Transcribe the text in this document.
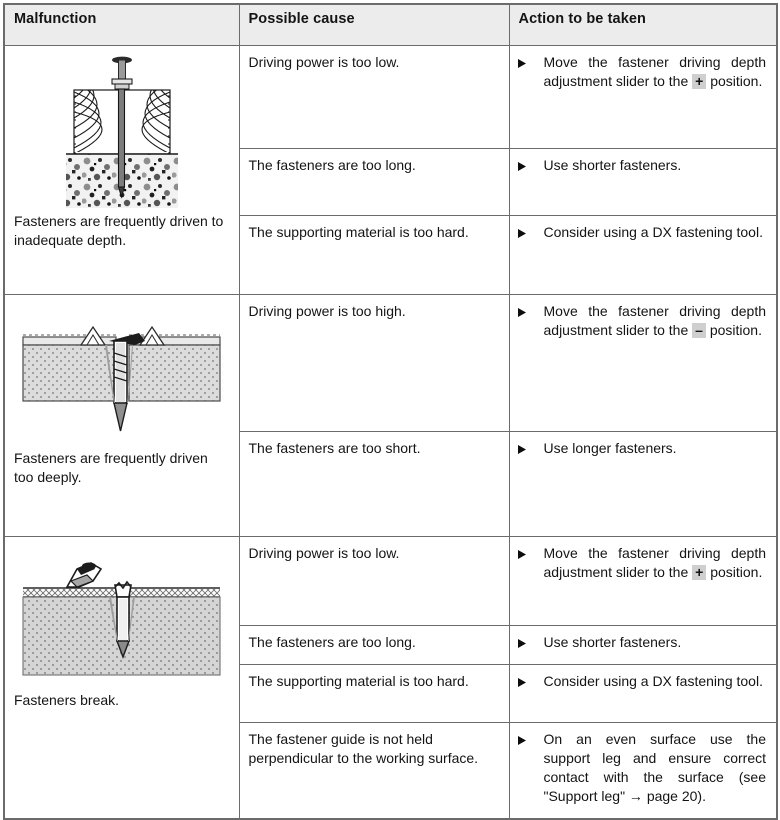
Malfunction	Possible cause	Action to be taken

Fasteners are frequently driven to inadequate depth.	Driving power is too low.	Move the fastener driving depth adjustment slider to the + position.

	The fasteners are too long.	Use shorter fasteners.

	The supporting material is too hard.	Consider using a DX fastening tool.

Fasteners are frequently driven too deeply.	Driving power is too high.	Move the fastener driving depth adjustment slider to the – position.

	The fasteners are too short.	Use longer fasteners.

Fasteners break.	Driving power is too low.	Move the fastener driving depth adjustment slider to the + position.

	The fasteners are too long.	Use shorter fasteners.

	The supporting material is too hard.	Consider using a DX fastening tool.

	The fastener guide is not held perpendicular to the working surface.	On an even surface use the support leg and ensure correct contact with the surface (see "Support leg" → page 20).
